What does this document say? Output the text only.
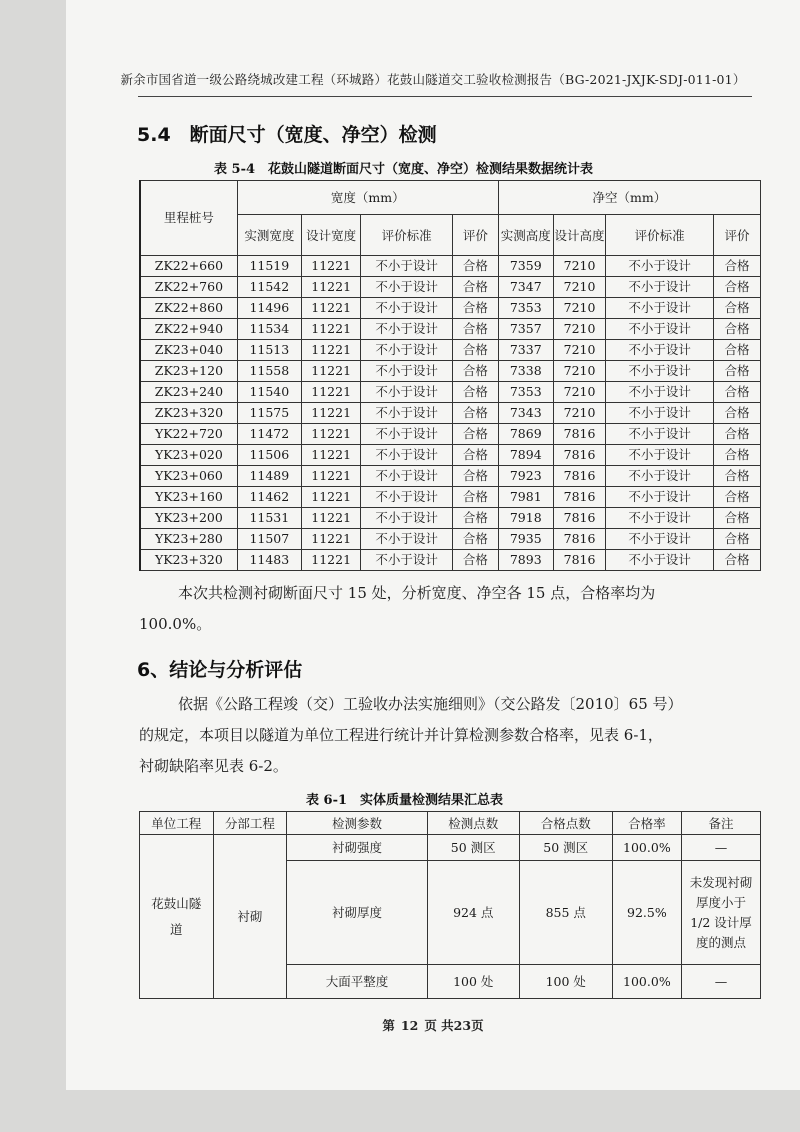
新余市国省道一级公路绕城改建工程（环城路）花鼓山隧道交工验收检测报告（BG-2021-JXJK-SDJ-011-01）
5.4　断面尺寸（宽度、净空）检测
表 5-4　花鼓山隧道断面尺寸（宽度、净空）检测结果数据统计表
里程桩号	宽度（mm）				净空（mm）			
	实测宽度	设计宽度	评价标准	评价	实测高度	设计高度	评价标准	评价
ZK22+660	11519	11221	不小于设计	合格	7359	7210	不小于设计	合格
ZK22+760	11542	11221	不小于设计	合格	7347	7210	不小于设计	合格
ZK22+860	11496	11221	不小于设计	合格	7353	7210	不小于设计	合格
ZK22+940	11534	11221	不小于设计	合格	7357	7210	不小于设计	合格
ZK23+040	11513	11221	不小于设计	合格	7337	7210	不小于设计	合格
ZK23+120	11558	11221	不小于设计	合格	7338	7210	不小于设计	合格
ZK23+240	11540	11221	不小于设计	合格	7353	7210	不小于设计	合格
ZK23+320	11575	11221	不小于设计	合格	7343	7210	不小于设计	合格
YK22+720	11472	11221	不小于设计	合格	7869	7816	不小于设计	合格
YK23+020	11506	11221	不小于设计	合格	7894	7816	不小于设计	合格
YK23+060	11489	11221	不小于设计	合格	7923	7816	不小于设计	合格
YK23+160	11462	11221	不小于设计	合格	7981	7816	不小于设计	合格
YK23+200	11531	11221	不小于设计	合格	7918	7816	不小于设计	合格
YK23+280	11507	11221	不小于设计	合格	7935	7816	不小于设计	合格
YK23+320	11483	11221	不小于设计	合格	7893	7816	不小于设计	合格
本次共检测衬砌断面尺寸 15 处，分析宽度、净空各 15 点，合格率均为
100.0%。
6、结论与分析评估
依据《公路工程竣（交）工验收办法实施细则》（交公路发〔2010〕65 号）
的规定，本项目以隧道为单位工程进行统计并计算检测参数合格率，见表 6-1，
衬砌缺陷率见表 6-2。
表 6-1　实体质量检测结果汇总表
单位工程	分部工程	检测参数	检测点数	合格点数	合格率	备注
花鼓山隧道	衬砌	衬砌强度	50 测区	50 测区	100.0%	—
		衬砌厚度	924 点	855 点	92.5%	未发现衬砌厚度小于 1/2 设计厚度的测点
		大面平整度	100 处	100 处	100.0%	—
第 12 页 共23页
